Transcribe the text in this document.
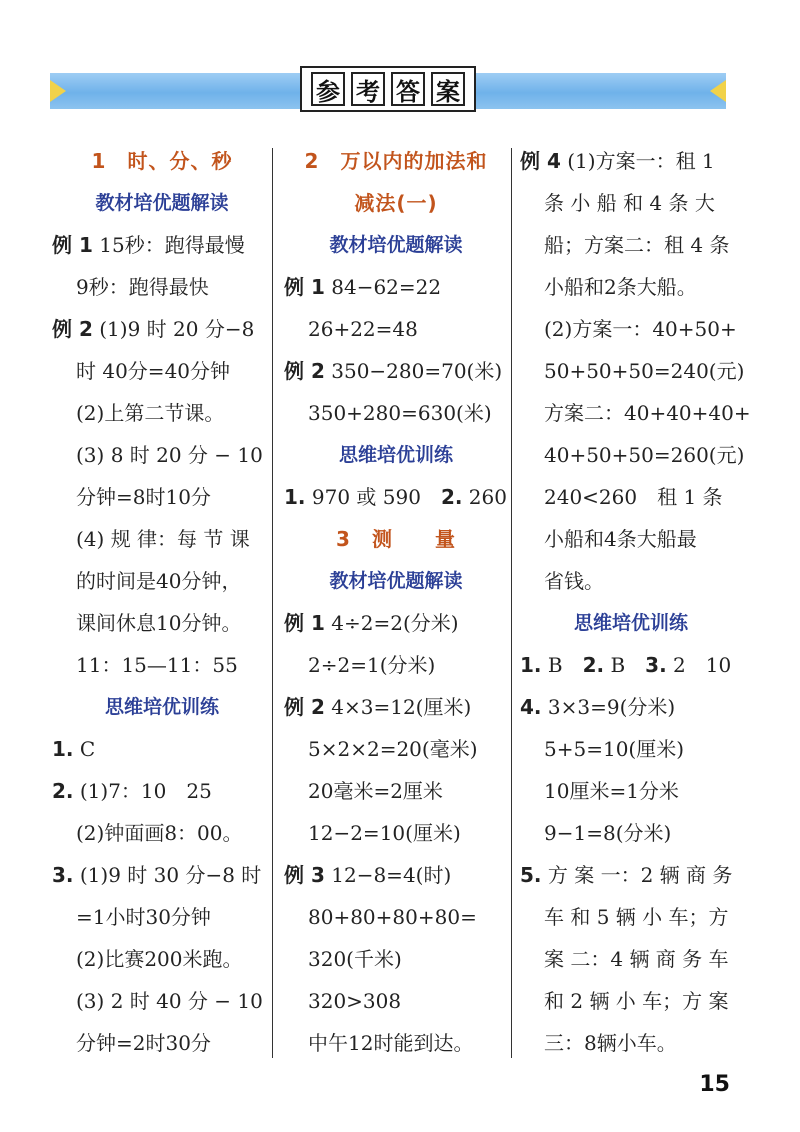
参 考 答 案
1　时、分、秒
教材培优题解读
例 1 15秒：跑得最慢
9秒：跑得最快
例 2 (1)9 时 20 分−8
时 40分=40分钟
(2)上第二节课。
(3) 8 时 20 分 − 10
分钟=8时10分
(4) 规 律：每 节 课
的时间是40分钟，
课间休息10分钟。
11：15—11：55
思维培优训练
1. C
2. (1)7：10　25
(2)钟面画8：00。
3. (1)9 时 30 分−8 时
=1小时30分钟
(2)比赛200米跑。
(3) 2 时 40 分 − 10
分钟=2时30分
2　万以内的加法和
减法(一)
教材培优题解读
例 1 84−62=22
26+22=48
例 2 350−280=70(米)
350+280=630(米)
思维培优训练
1. 970 或 590　2. 260
3　测　　量
教材培优题解读
例 1 4÷2=2(分米)
2÷2=1(分米)
例 2 4×3=12(厘米)
5×2×2=20(毫米)
20毫米=2厘米
12−2=10(厘米)
例 3 12−8=4(时)
80+80+80+80=
320(千米)
320>308
中午12时能到达。
例 4 (1)方案一：租 1
条 小 船 和 4 条 大
船；方案二：租 4 条
小船和2条大船。
(2)方案一：40+50+
50+50+50=240(元)
方案二：40+40+40+
40+50+50=260(元)
240<260　租 1 条
小船和4条大船最
省钱。
思维培优训练
1. B　2. B　3. 2　10
4. 3×3=9(分米)
5+5=10(厘米)
10厘米=1分米
9−1=8(分米)
5. 方 案 一：2 辆 商 务
车 和 5 辆 小 车；方
案 二：4 辆 商 务 车
和 2 辆 小 车；方 案
三：8辆小车。
15
